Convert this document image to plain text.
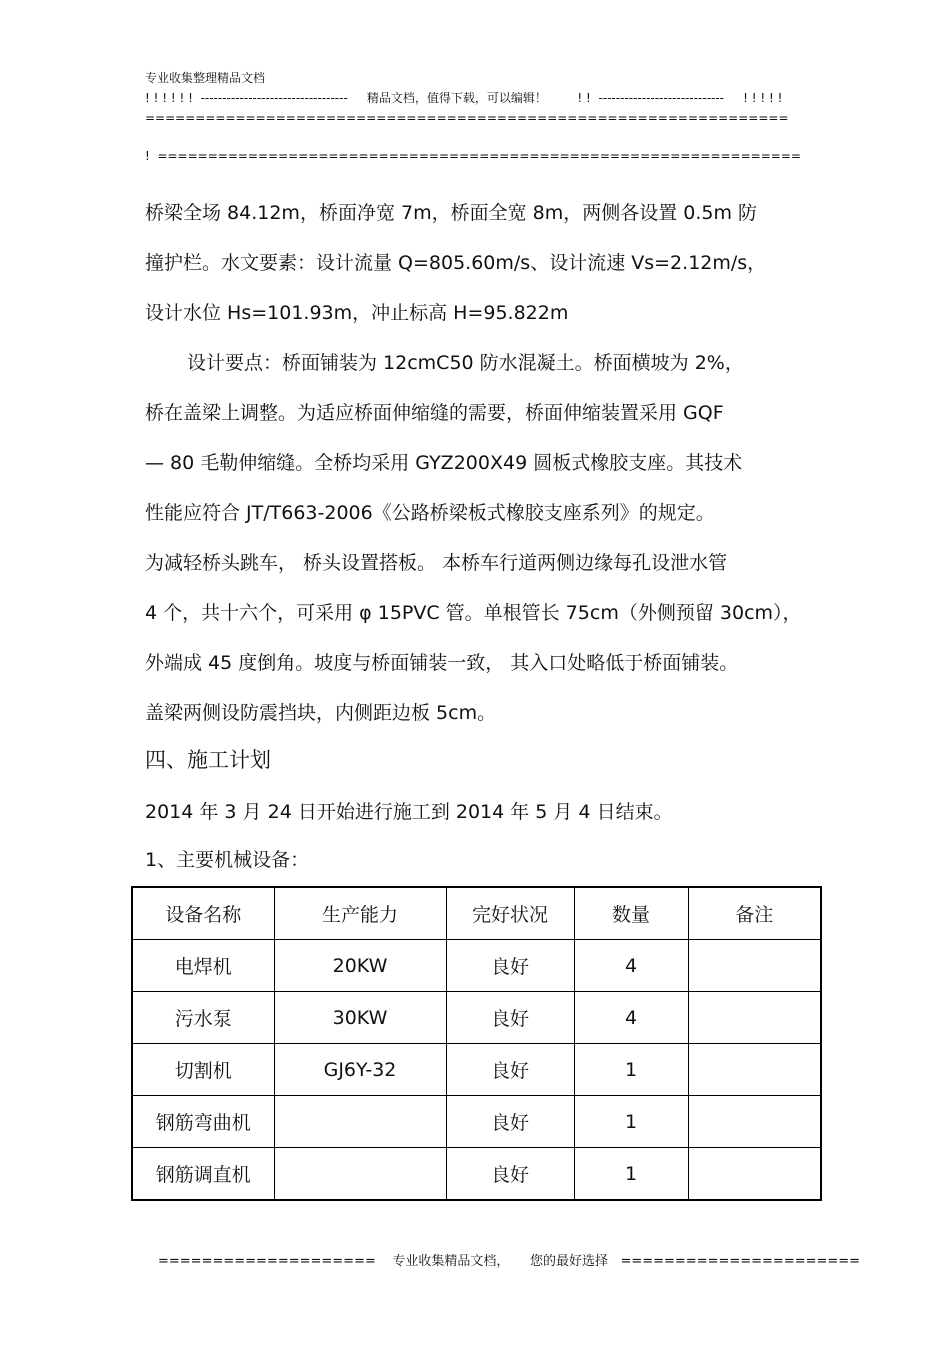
专业收集整理精品文档
! ! ! ! ! !  ----------------------------------     精品文档，值得下载，可以编辑！        ! !  -----------------------------     ! ! ! ! !
================================================================
!  ================================================================
桥梁全场 84.12m，桥面净宽 7m，桥面全宽 8m，两侧各设置 0.5m 防
撞护栏。水文要素：设计流量 Q=805.60m/s、设计流速 Vs=2.12m/s，
设计水位 Hs=101.93m，冲止标高 H=95.822m
设计要点：桥面铺装为 12cmC50 防水混凝土。桥面横坡为 2%，
桥在盖梁上调整。为适应桥面伸缩缝的需要，桥面伸缩装置采用 GQF
— 80 毛勒伸缩缝。全桥均采用 GYZ200X49 圆板式橡胶支座。其技术
性能应符合 JT/T663-2006《公路桥梁板式橡胶支座系列》的规定。
为减轻桥头跳车， 桥头设置搭板。 本桥车行道两侧边缘每孔设泄水管
4 个，共十六个，可采用 φ 15PVC 管。单根管长 75cm（外侧预留 30cm），
外端成 45 度倒角。坡度与桥面铺装一致， 其入口处略低于桥面铺装。
盖梁两侧设防震挡块，内侧距边板 5cm。
四、施工计划
2014 年 3 月 24 日开始进行施工到 2014 年 5 月 4 日结束。
1、主要机械设备：
设备名称	生产能力	完好状况	数量	备注
电焊机	20KW	良好	4	
污水泵	30KW	良好	4	
切割机	GJ6Y-32	良好	1	
钢筋弯曲机		良好	1	
钢筋调直机		良好	1	
====================    专业收集精品文档，     您的最好选择   ======================
